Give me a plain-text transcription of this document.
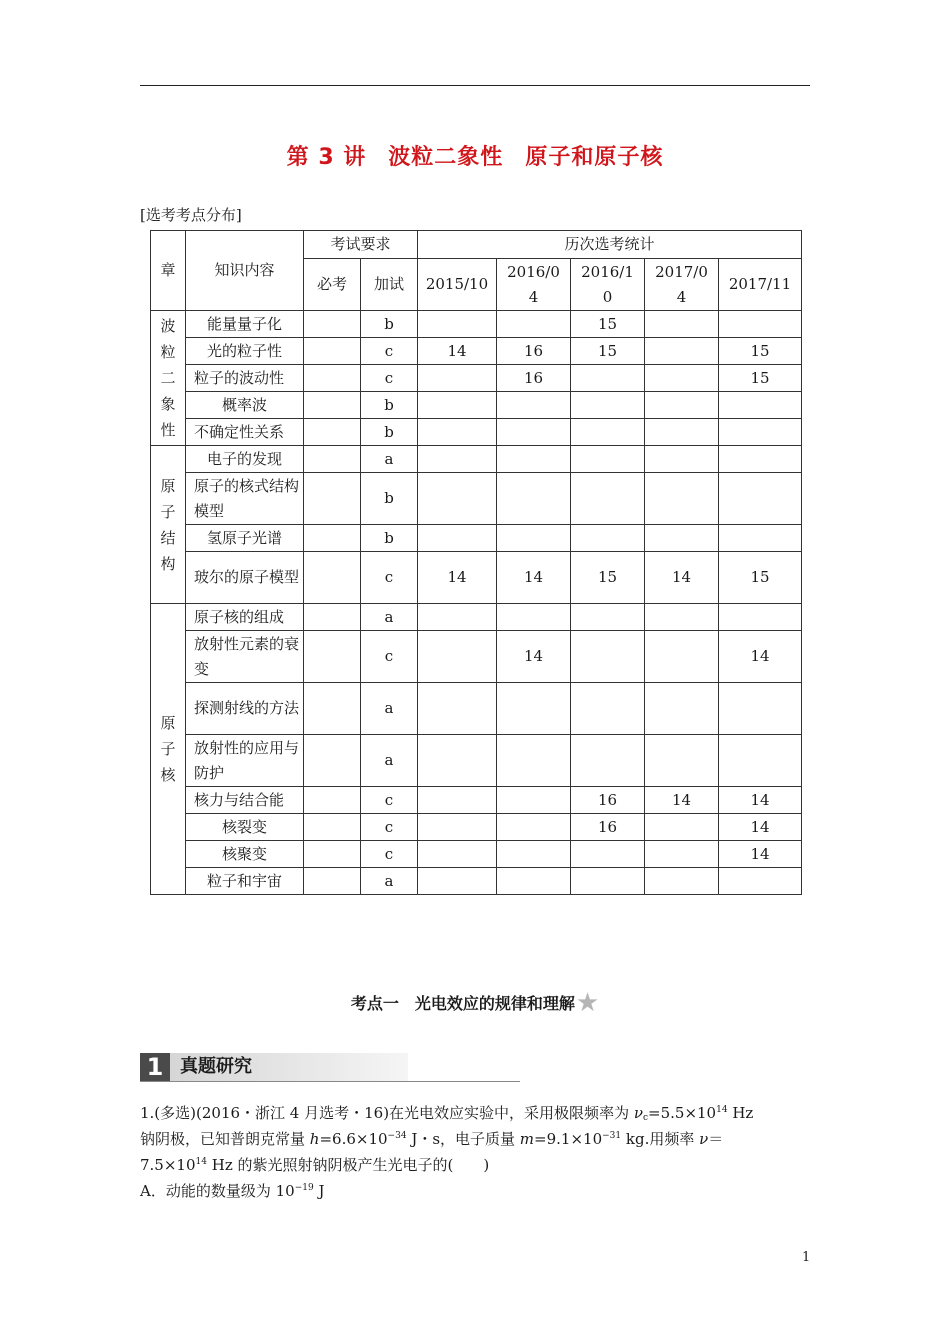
第 3 讲 波粒二象性 原子和原子核
[选考考点分布]
章	知识内容	考试要求		历次选考统计				
		必考	加试	2015/10	2016/0 4	2016/1 0	2017/0 4	2017/11

波
粒
二
象
性	能量量子化		b			15		
	光的粒子性		c	14	16	15		15
	粒子的波动性		c		16			15
	概率波		b					
	不确定性关系		b					

原
子
结
构	电子的发现		a					
	原子的核式结构模型		b					
	氢原子光谱		b					
	玻尔的原子模型		c	14	14	15	14	15

原
子
核	原子核的组成		a					
	放射性元素的衰变		c		14			14
	探测射线的方法		a					
	放射性的应用与防护		a					
	核力与结合能		c			16	14	14
	核裂变		c			16		14
	核聚变		c					14
	粒子和宇宙		a					
考点一　光电效应的规律和理解★
1 真题研究

1.(多选)(2016・浙江 4 月选考・16)在光电效应实验中，采用极限频率为 $\nu_c=5.5\times 10^{14}$ Hz

钠阴极，已知普朗克常量 $h=6.6\times 10^{-34}$ J・s，电子质量 $m=9.1\times 10^{-31}$ kg.用频率 ν＝

$7.5\times 10^{14}$ Hz 的紫光照射钠阴极产生光电子的(　　)

A．动能的数量级为 $10^{-19}$ J

1
